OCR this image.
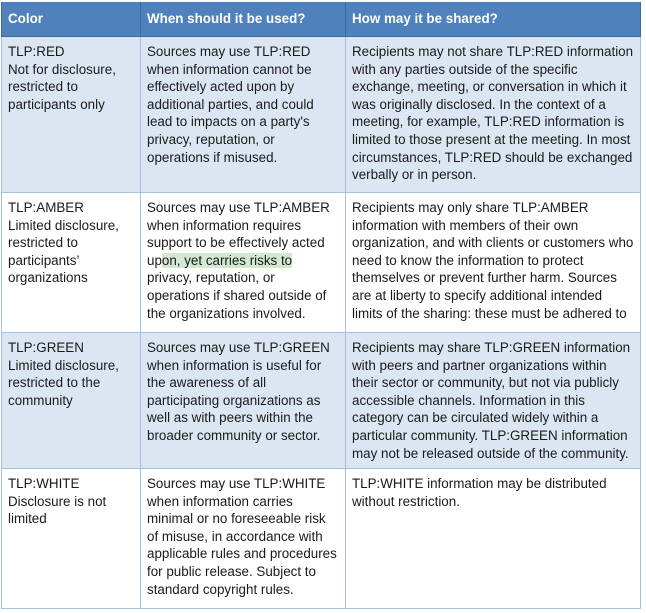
Color	When should it be used?	How may it be shared?

TLP:RED
Not for disclosure, restricted to participants only	Sources may use TLP:RED when information cannot be effectively acted upon by additional parties, and could lead to impacts on a party's privacy, reputation, or operations if misused.	Recipients may not share TLP:RED information with any parties outside of the specific exchange, meeting, or conversation in which it was originally disclosed. In the context of a meeting, for example, TLP:RED information is limited to those present at the meeting. In most circumstances, TLP:RED should be exchanged verbally or in person.

TLP:AMBER
Limited disclosure, restricted to participants’ organizations	Sources may use TLP:AMBER when information requires support to be effectively acted upon, yet carries risks to privacy, reputation, or operations if shared outside of the organizations involved.	Recipients may only share TLP:AMBER information with members of their own organization, and with clients or customers who need to know the information to protect themselves or prevent further harm. Sources are at liberty to specify additional intended limits of the sharing: these must be adhered to

TLP:GREEN
Limited disclosure, restricted to the community	Sources may use TLP:GREEN when information is useful for the awareness of all participating organizations as well as with peers within the broader community or sector.	Recipients may share TLP:GREEN information with peers and partner organizations within their sector or community, but not via publicly accessible channels. Information in this category can be circulated widely within a particular community. TLP:GREEN information may not be released outside of the community.

TLP:WHITE
Disclosure is not limited	Sources may use TLP:WHITE when information carries minimal or no foreseeable risk of misuse, in accordance with applicable rules and procedures for public release. Subject to standard copyright rules.	TLP:WHITE information may be distributed without restriction.
